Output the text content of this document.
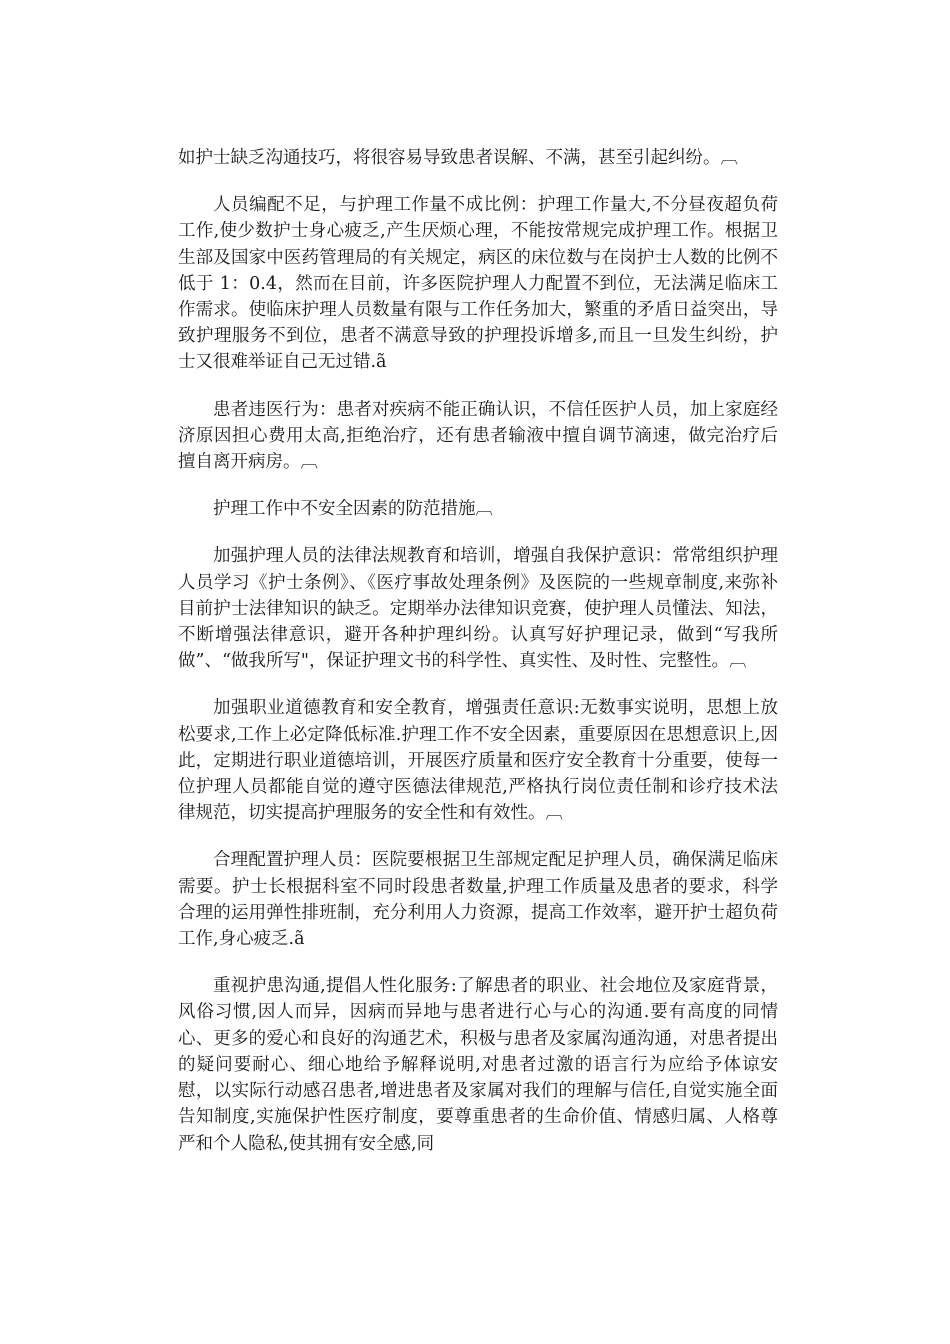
如护士缺乏沟通技巧，将很容易导致患者误解、不满，甚至引起纠纷。︹

人员编配不足，与护理工作量不成比例：护理工作量大,不分昼夜超负荷工作,使少数护士身心疲乏,产生厌烦心理，不能按常规完成护理工作。根据卫生部及国家中医药管理局的有关规定，病区的床位数与在岗护士人数的比例不低于 1：0.4，然而在目前，许多医院护理人力配置不到位，无法满足临床工作需求。使临床护理人员数量有限与工作任务加大，繁重的矛盾日益突出，导致护理服务不到位，患者不满意导致的护理投诉增多,而且一旦发生纠纷，护士又很难举证自己无过错.ã

患者违医行为：患者对疾病不能正确认识，不信任医护人员，加上家庭经济原因担心费用太高,拒绝治疗，还有患者输液中擅自调节滴速，做完治疗后擅自离开病房。︹

护理工作中不安全因素的防范措施︹

加强护理人员的法律法规教育和培训，增强自我保护意识：常常组织护理人员学习《护士条例》、《医疗事故处理条例》及医院的一些规章制度,来弥补目前护士法律知识的缺乏。定期举办法律知识竞赛，使护理人员懂法、知法，不断增强法律意识，避开各种护理纠纷。认真写好护理记录，做到“写我所做”、“做我所写"，保证护理文书的科学性、真实性、及时性、完整性。︹

加强职业道德教育和安全教育，增强责任意识:无数事实说明，思想上放松要求,工作上必定降低标准.护理工作不安全因素，重要原因在思想意识上,因此，定期进行职业道德培训，开展医疗质量和医疗安全教育十分重要，使每一位护理人员都能自觉的遵守医德法律规范,严格执行岗位责任制和诊疗技术法律规范，切实提高护理服务的安全性和有效性。︹

合理配置护理人员：医院要根据卫生部规定配足护理人员，确保满足临床需要。护士长根据科室不同时段患者数量,护理工作质量及患者的要求，科学合理的运用弹性排班制，充分利用人力资源，提高工作效率，避开护士超负荷工作,身心疲乏.ã

重视护患沟通,提倡人性化服务:了解患者的职业、社会地位及家庭背景，风俗习惯,因人而异，因病而异地与患者进行心与心的沟通.要有高度的同情心、更多的爱心和良好的沟通艺术，积极与患者及家属沟通沟通，对患者提出的疑问要耐心、细心地给予解释说明,对患者过激的语言行为应给予体谅安慰，以实际行动感召患者,增进患者及家属对我们的理解与信任,自觉实施全面告知制度,实施保护性医疗制度，要尊重患者的生命价值、情感归属、人格尊严和个人隐私,使其拥有安全感,同
